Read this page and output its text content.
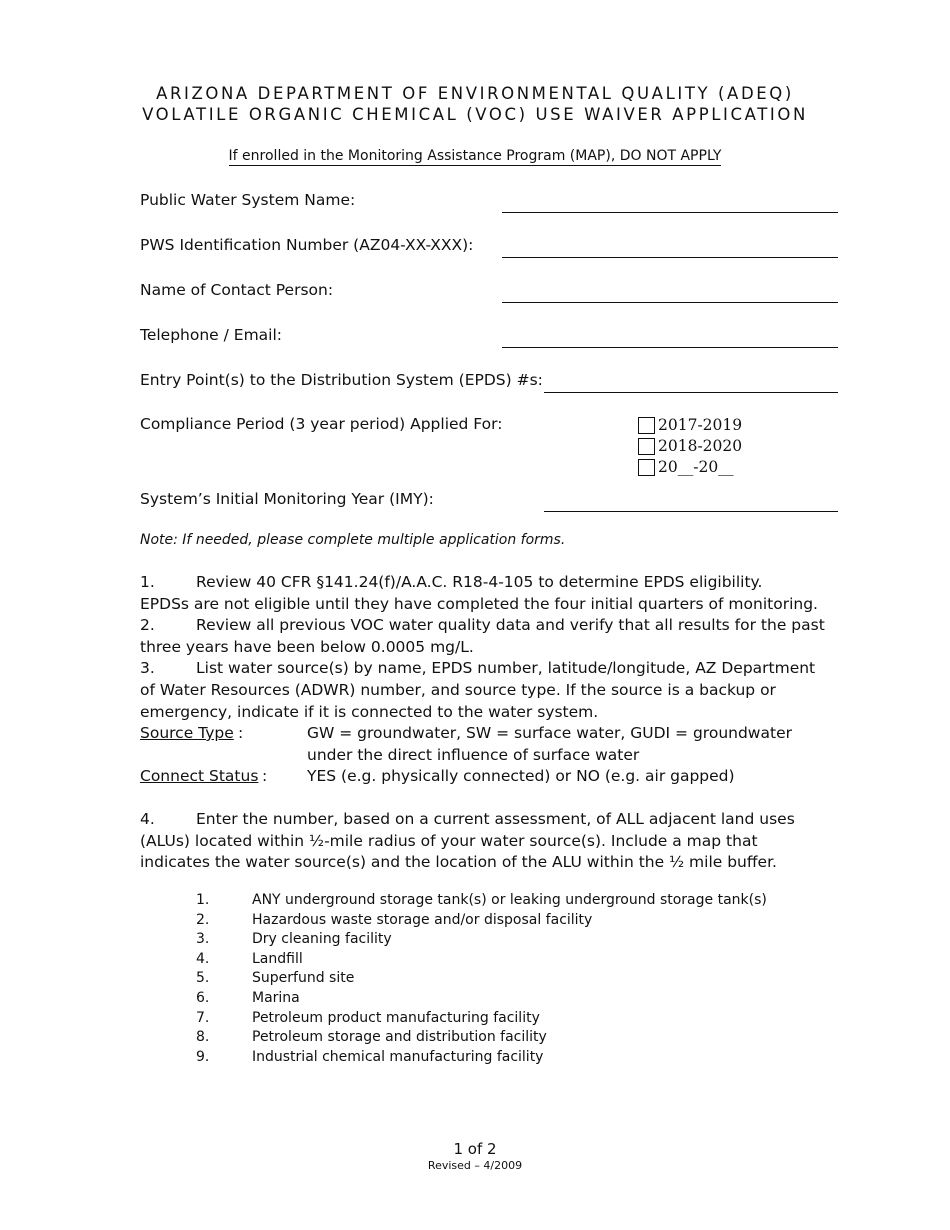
ARIZONA DEPARTMENT OF ENVIRONMENTAL QUALITY (ADEQ)
VOLATILE ORGANIC CHEMICAL (VOC) USE WAIVER APPLICATION
If enrolled in the Monitoring Assistance Program (MAP), DO NOT APPLY
Public Water System Name:
PWS Identification Number (AZ04-XX-XXX):
Name of Contact Person:
Telephone / Email:
Entry Point(s) to the Distribution System (EPDS) #s:
Compliance Period (3 year period) Applied For:	2017-2019
2018-2020
20__-20__
System’s Initial Monitoring Year (IMY):
Note: If needed, please complete multiple application forms.
1.	Review 40 CFR §141.24(f)/A.A.C. R18-4-105 to determine EPDS eligibility.
EPDSs are not eligible until they have completed the four initial quarters of monitoring.
2.	Review all previous VOC water quality data and verify that all results for the past
three years have been below 0.0005 mg/L.
3.	List water source(s) by name, EPDS number, latitude/longitude, AZ Department
of Water Resources (ADWR) number, and source type. If the source is a backup or
emergency, indicate if it is connected to the water system.
Source Type :	GW = groundwater, SW = surface water, GUDI = groundwater
under the direct influence of surface water
Connect Status :	YES (e.g. physically connected) or NO (e.g. air gapped)
4.	Enter the number, based on a current assessment, of ALL adjacent land uses
(ALUs) located within ½-mile radius of your water source(s). Include a map that
indicates the water source(s) and the location of the ALU within the ½ mile buffer.
1.	ANY underground storage tank(s) or leaking underground storage tank(s)
2.	Hazardous waste storage and/or disposal facility
3.	Dry cleaning facility
4.	Landfill
5.	Superfund site
6.	Marina
7.	Petroleum product manufacturing facility
8.	Petroleum storage and distribution facility
9.	Industrial chemical manufacturing facility
1 of 2
Revised – 4/2009
